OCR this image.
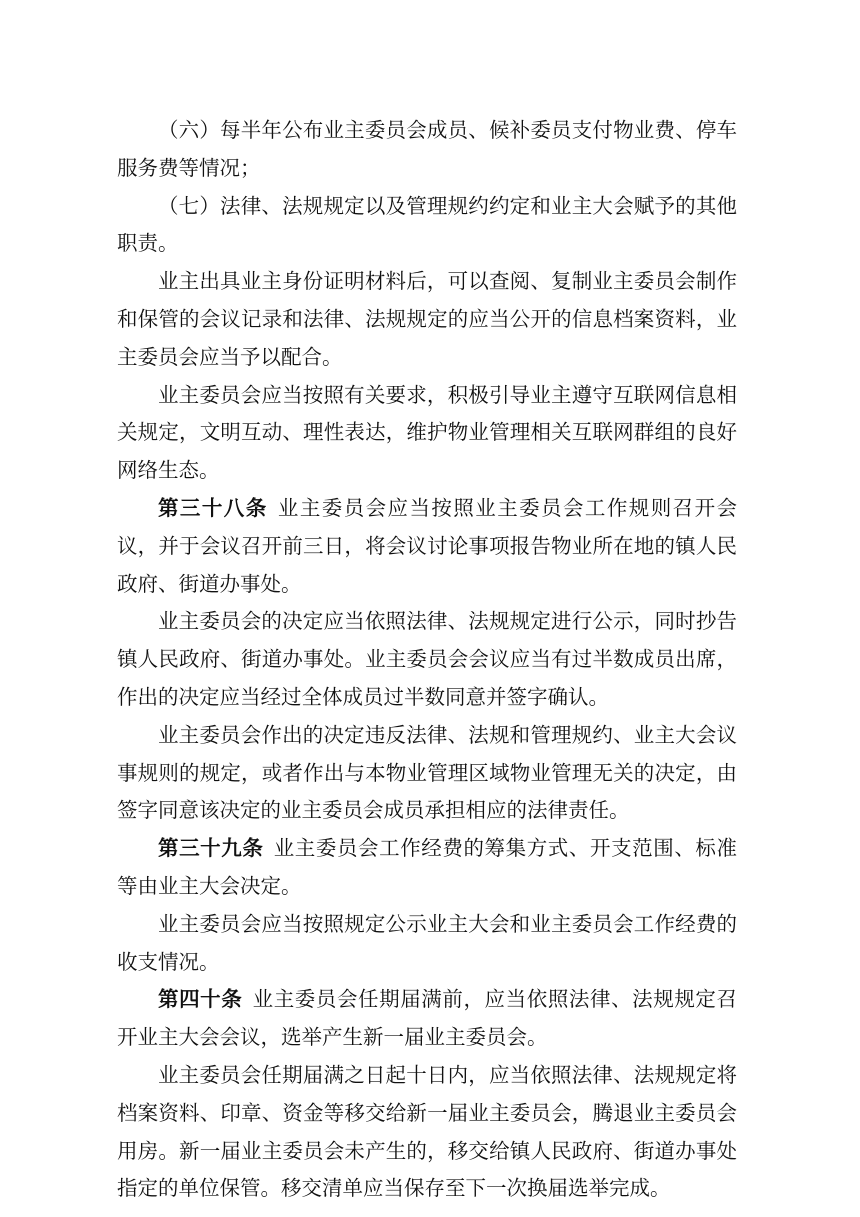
（六）每半年公布业主委员会成员、候补委员支付物业费、停车服务费等情况；

（七）法律、法规规定以及管理规约约定和业主大会赋予的其他职责。

业主出具业主身份证明材料后，可以查阅、复制业主委员会制作和保管的会议记录和法律、法规规定的应当公开的信息档案资料，业主委员会应当予以配合。

业主委员会应当按照有关要求，积极引导业主遵守互联网信息相关规定，文明互动、理性表达，维护物业管理相关互联网群组的良好网络生态。

第三十八条 业主委员会应当按照业主委员会工作规则召开会议，并于会议召开前三日，将会议讨论事项报告物业所在地的镇人民政府、街道办事处。

业主委员会的决定应当依照法律、法规规定进行公示，同时抄告镇人民政府、街道办事处。业主委员会会议应当有过半数成员出席，作出的决定应当经过全体成员过半数同意并签字确认。

业主委员会作出的决定违反法律、法规和管理规约、业主大会议事规则的规定，或者作出与本物业管理区域物业管理无关的决定，由签字同意该决定的业主委员会成员承担相应的法律责任。

第三十九条 业主委员会工作经费的筹集方式、开支范围、标准等由业主大会决定。

业主委员会应当按照规定公示业主大会和业主委员会工作经费的收支情况。

第四十条 业主委员会任期届满前，应当依照法律、法规规定召开业主大会会议，选举产生新一届业主委员会。

业主委员会任期届满之日起十日内，应当依照法律、法规规定将档案资料、印章、资金等移交给新一届业主委员会，腾退业主委员会用房。新一届业主委员会未产生的，移交给镇人民政府、街道办事处指定的单位保管。移交清单应当保存至下一次换届选举完成。
